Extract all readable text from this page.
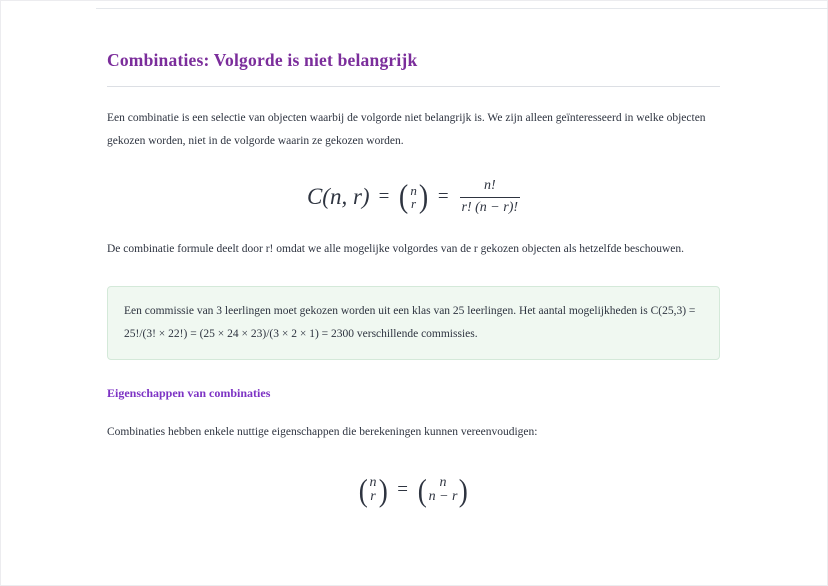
Combinaties: Volgorde is niet belangrijk

Een combinatie is een selectie van objecten waarbij de volgorde niet belangrijk is. We zijn alleen geïnteresseerd in welke objecten gekozen worden, niet in de volgorde waarin ze gekozen worden.

C(n, r) = ( n
r ) = $\frac{n!}{r! (n - r)!}$

De combinatie formule deelt door r! omdat we alle mogelijke volgordes van de r gekozen objecten als hetzelfde beschouwen.

Een commissie van 3 leerlingen moet gekozen worden uit een klas van 25 leerlingen. Het aantal mogelijkheden is C(25,3) = 25!/(3! × 22!) = (25 × 24 × 23)/(3 × 2 × 1) = 2300 verschillende commissies.

Eigenschappen van combinaties

Combinaties hebben enkele nuttige eigenschappen die berekeningen kunnen vereenvoudigen:

( n
r ) = ( n
n − r )
